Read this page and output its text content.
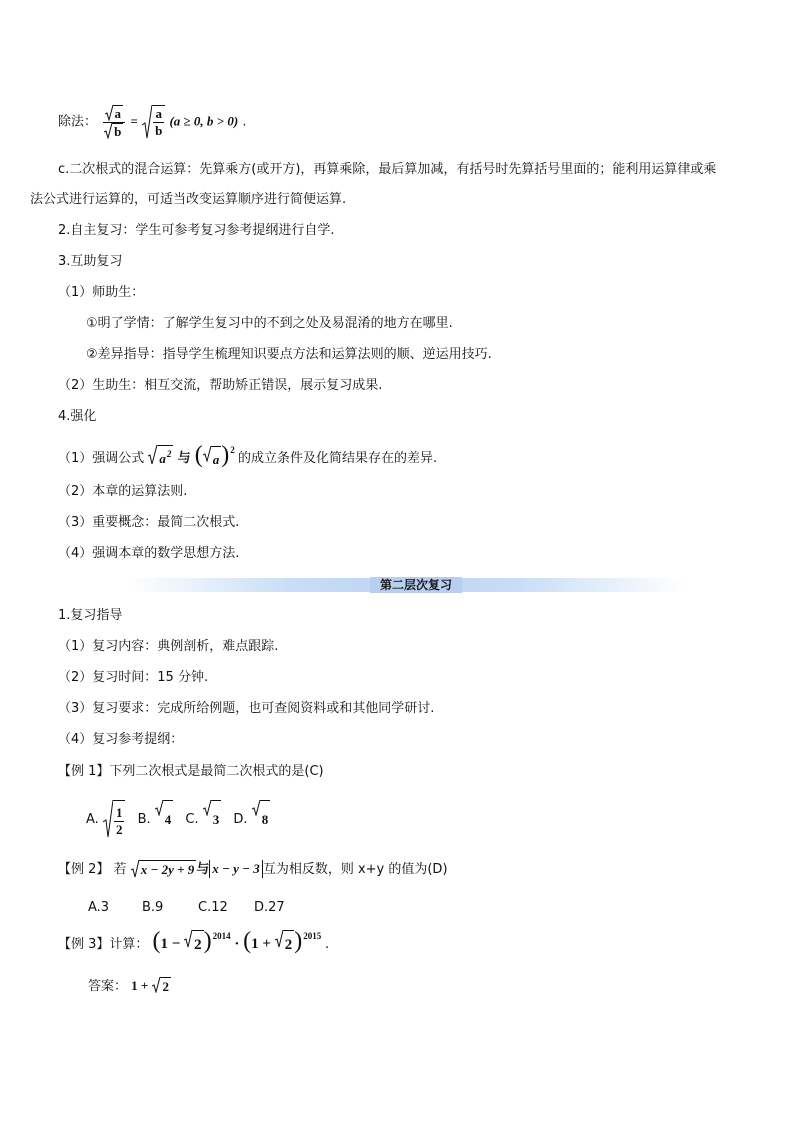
除法： $\frac{a}{b} = \frac{a}{b} (a \ge 0$, b > 0) .
c.二次根式的混合运算：先算乘方(或开方)，再算乘除，最后算加减，有括号时先算括号里面的；能利用运算律或乘
法公式进行运算的，可适当改变运算顺序进行简便运算.
2.自主复习：学生可参考复习参考提纲进行自学.
3.互助复习
（1）师助生：
①明了学情：了解学生复习中的不到之处及易混淆的地方在哪里.
②差异指导：指导学生梳理知识要点方法和运算法则的顺、逆运用技巧.
（2）生助生：相互交流，帮助矫正错误，展示复习成果.
4.强化
（1）强调公式 $a^2$ 与 ( a )$^2$ 的成立条件及化简结果存在的差异.
（2）本章的运算法则.
（3）重要概念：最简二次根式.
（4）强调本章的数学思想方法.
第二层次复习
1.复习指导
（1）复习内容：典例剖析，难点跟踪.
（2）复习时间：15 分钟.
（3）复习要求：完成所给例题，也可查阅资料或和其他同学研讨.
（4）复习参考提纲：
【例 1】下列二次根式是最简二次根式的是(C)
A. $\frac{1}{2} B$. 4 C. 3 D. 8
【例 2】 若 x − 2y + 9 与 x − y − 3 互为相反数，则 x+y 的值为(D)
A.3	B.9	C.12 D.27
【例 3】计算： (1 − 2 )$^{2014}$ · (1 + 2 )$^{2015}$ .
答案： 1 + 2
